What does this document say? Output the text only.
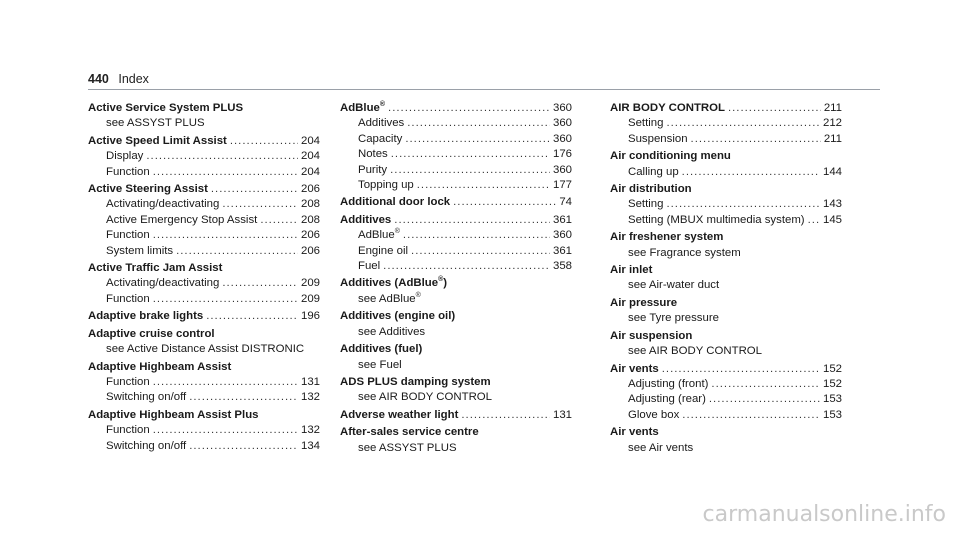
440 Index
Active Service System PLUS
see ASSYST PLUS
Active Speed Limit Assist .....	204
Display .....	204
Function .....	204
Active Steering Assist .....	206
Activating/deactivating .....	208
Active Emergency Stop Assist .....	208
Function .....	206
System limits .....	206
Active Traffic Jam Assist
Activating/deactivating .....	209
Function .....	209
Adaptive brake lights .....	196
Adaptive cruise control
see Active Distance Assist DISTRONIC
Adaptive Highbeam Assist
Function .....	131
Switching on/off .....	132
Adaptive Highbeam Assist Plus
Function .....	132
Switching on/off .....	134
AdBlue® .....	360
Additives .....	360
Capacity .....	360
Notes .....	176
Purity .....	360
Topping up .....	177
Additional door lock .....	74
Additives .....	361
AdBlue® .....	360
Engine oil .....	361
Fuel .....	358
Additives (AdBlue®)
see AdBlue®
Additives (engine oil)
see Additives
Additives (fuel)
see Fuel
ADS PLUS damping system
see AIR BODY CONTROL
Adverse weather light .....	131
After-sales service centre
see ASSYST PLUS
AIR BODY CONTROL .....	211
Setting .....	212
Suspension .....	211
Air conditioning menu
Calling up .....	144
Air distribution
Setting .....	143
Setting (MBUX multimedia system) ..... 145
Air freshener system
see Fragrance system
Air inlet
see Air-water duct
Air pressure
see Tyre pressure
Air suspension
see AIR BODY CONTROL
Air vents .....	152
Adjusting (front) .....	152
Adjusting (rear) .....	153
Glove box .....	153
Air vents
see Air vents
carmanualsonline.info
